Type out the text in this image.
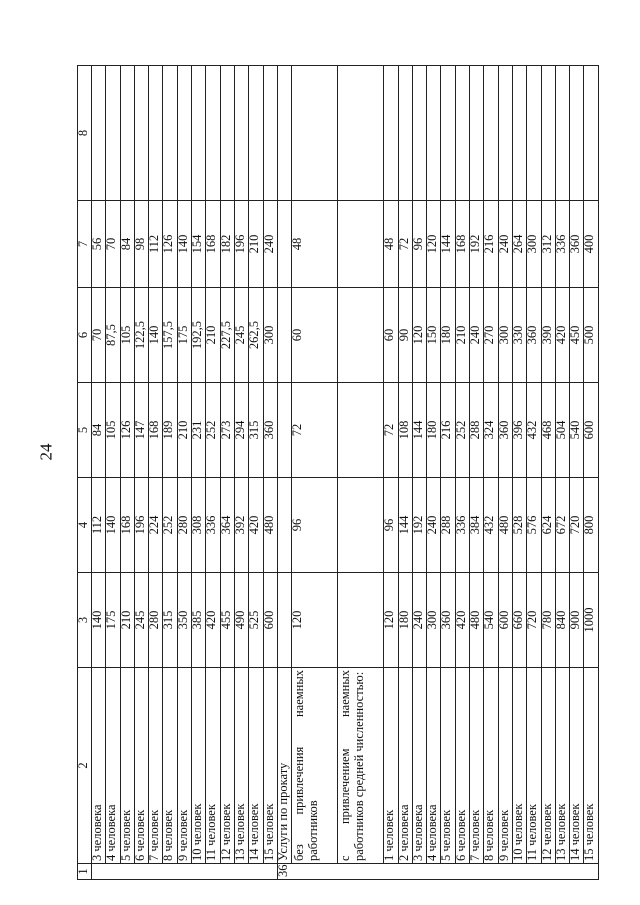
24
1	2	3	4	5	6	7	8
	3 человека	140	112	84	70	56	
	4 человека	175	140	105	87,5	70	
	5 человек	210	168	126	105	84	
	6 человек	245	196	147	122,5	98	
	7 человек	280	224	168	140	112	
	8 человек	315	252	189	157,5	126	
	9 человек	350	280	210	175	140	
	10 человек	385	308	231	192,5	154	
	11 человек	420	336	252	210	168	
	12 человек	455	364	273	227,5	182	
	13 человек	490	392	294	245	196	
	14 человек	525	420	315	262,5	210	
	15 человек	600	480	360	300	240	
36	Услуги по прокату						
	без привлечения наемных работников	120	96	72	60	48	
	с привлечением наемных работников средней численностью:						
	1 человек	120	96	72	60	48	
	2 человека	180	144	108	90	72	
	3 человека	240	192	144	120	96	
	4 человека	300	240	180	150	120	
	5 человек	360	288	216	180	144	
	6 человек	420	336	252	210	168	
	7 человек	480	384	288	240	192	
	8 человек	540	432	324	270	216	
	9 человек	600	480	360	300	240	
	10 человек	660	528	396	330	264	
	11 человек	720	576	432	360	300	
	12 человек	780	624	468	390	312	
	13 человек	840	672	504	420	336	
	14 человек	900	720	540	450	360	
	15 человек	1000	800	600	500	400	
